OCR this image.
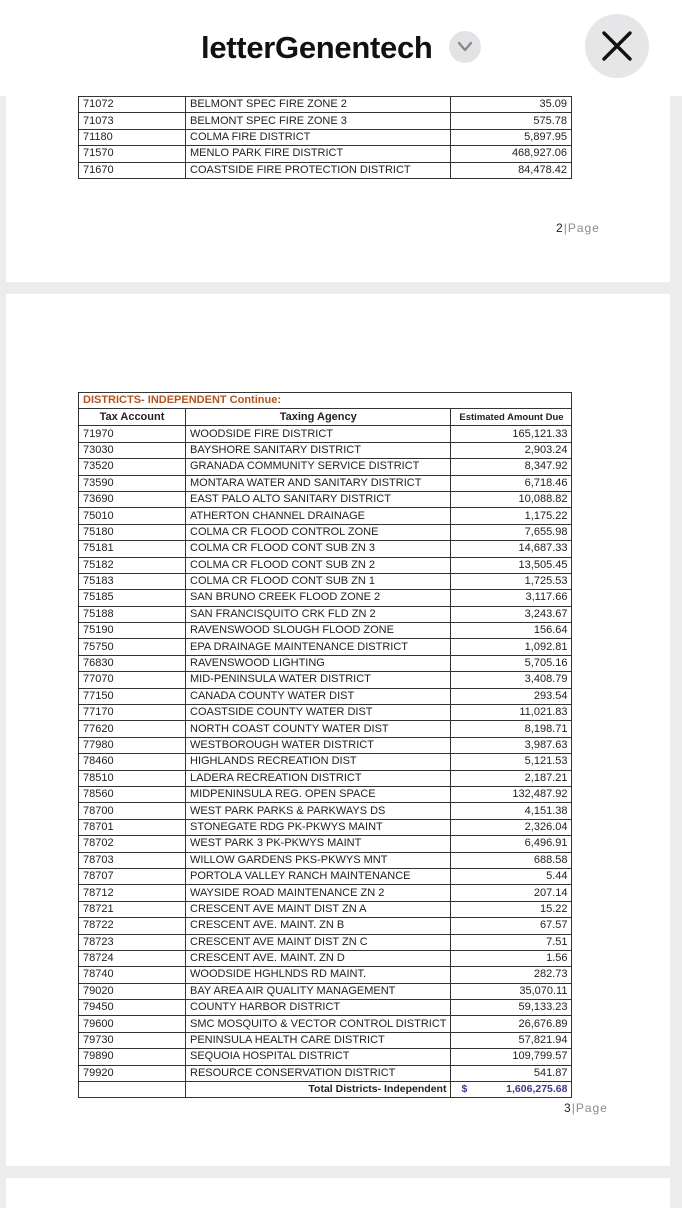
letterGenentech
71072	BELMONT SPEC FIRE ZONE 2	35.09
71073	BELMONT SPEC FIRE ZONE 3	575.78
71180	COLMA FIRE DISTRICT	5,897.95
71570	MENLO PARK FIRE DISTRICT	468,927.06
71670	COASTSIDE FIRE PROTECTION DISTRICT	84,478.42
2|Page
DISTRICTS- INDEPENDENT Continue:		
Tax Account	Taxing Agency	Estimated Amount Due
71970	WOODSIDE FIRE DISTRICT	165,121.33
73030	BAYSHORE SANITARY DISTRICT	2,903.24
73520	GRANADA COMMUNITY SERVICE DISTRICT	8,347.92
73590	MONTARA WATER AND SANITARY DISTRICT	6,718.46
73690	EAST PALO ALTO SANITARY DISTRICT	10,088.82
75010	ATHERTON CHANNEL DRAINAGE	1,175.22
75180	COLMA CR FLOOD CONTROL ZONE	7,655.98
75181	COLMA CR FLOOD CONT SUB ZN 3	14,687.33
75182	COLMA CR FLOOD CONT SUB ZN 2	13,505.45
75183	COLMA CR FLOOD CONT SUB ZN 1	1,725.53
75185	SAN BRUNO CREEK FLOOD ZONE 2	3,117.66
75188	SAN FRANCISQUITO CRK FLD ZN 2	3,243.67
75190	RAVENSWOOD SLOUGH FLOOD ZONE	156.64
75750	EPA DRAINAGE MAINTENANCE DISTRICT	1,092.81
76830	RAVENSWOOD LIGHTING	5,705.16
77070	MID-PENINSULA WATER DISTRICT	3,408.79
77150	CANADA COUNTY WATER DIST	293.54
77170	COASTSIDE COUNTY WATER DIST	11,021.83
77620	NORTH COAST COUNTY WATER DIST	8,198.71
77980	WESTBOROUGH WATER DISTRICT	3,987.63
78460	HIGHLANDS RECREATION DIST	5,121.53
78510	LADERA RECREATION DISTRICT	2,187.21
78560	MIDPENINSULA REG. OPEN SPACE	132,487.92
78700	WEST PARK PARKS & PARKWAYS DS	4,151.38
78701	STONEGATE RDG PK-PKWYS MAINT	2,326.04
78702	WEST PARK 3 PK-PKWYS MAINT	6,496.91
78703	WILLOW GARDENS PKS-PKWYS MNT	688.58
78707	PORTOLA VALLEY RANCH MAINTENANCE	5.44
78712	WAYSIDE ROAD MAINTENANCE ZN 2	207.14
78721	CRESCENT AVE MAINT DIST ZN A	15.22
78722	CRESCENT AVE. MAINT. ZN B	67.57
78723	CRESCENT AVE MAINT DIST ZN C	7.51
78724	CRESCENT AVE. MAINT. ZN D	1.56
78740	WOODSIDE HGHLNDS RD MAINT.	282.73
79020	BAY AREA AIR QUALITY MANAGEMENT	35,070.11
79450	COUNTY HARBOR DISTRICT	59,133.23
79600	SMC MOSQUITO & VECTOR CONTROL DISTRICT	26,676.89
79730	PENINSULA HEALTH CARE DISTRICT	57,821.94
79890	SEQUOIA HOSPITAL DISTRICT	109,799.57
79920	RESOURCE CONSERVATION DISTRICT	541.87
	Total Districts- Independent	$ 1,606,275.68
3|Page
